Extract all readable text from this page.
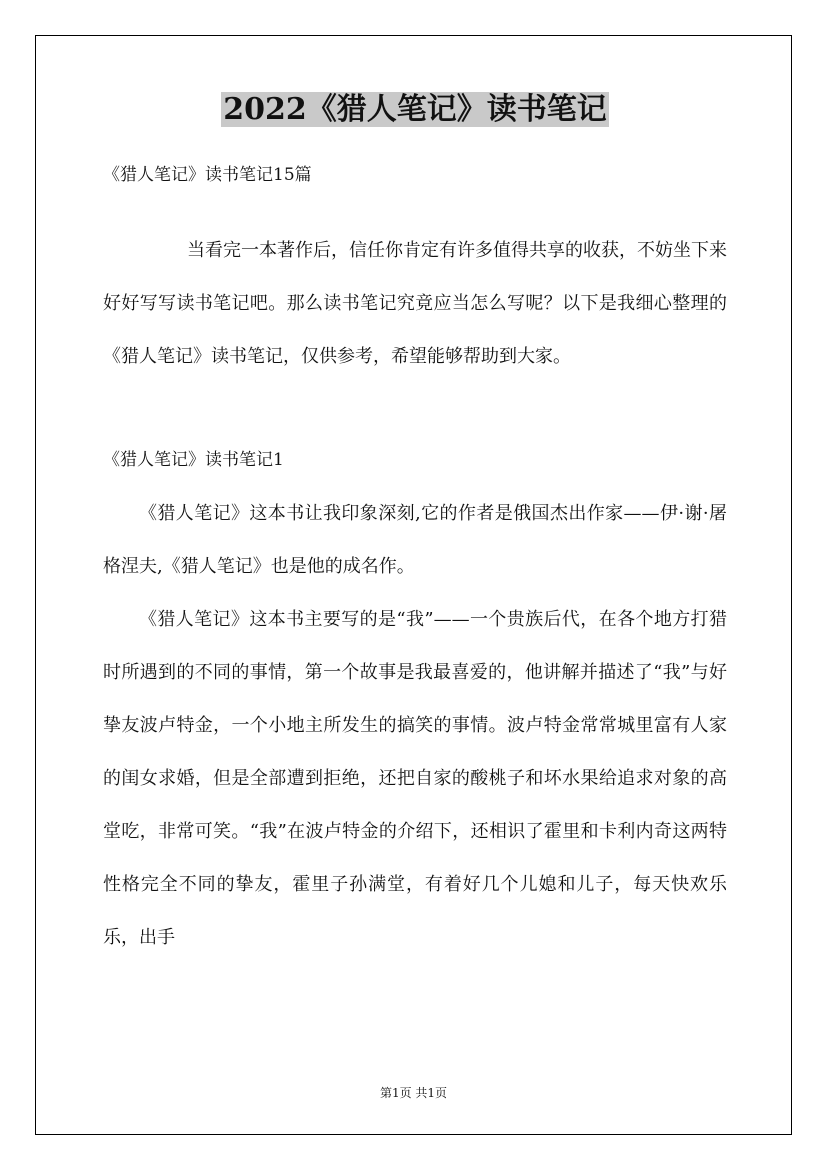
2022《猎人笔记》读书笔记

《猎人笔记》读书笔记15篇

当看完一本著作后，信任你肯定有许多值得共享的收获，不妨坐下来好好写写读书笔记吧。那么读书笔记究竟应当怎么写呢？以下是我细心整理的《猎人笔记》读书笔记，仅供参考，希望能够帮助到大家。

《猎人笔记》读书笔记1

《猎人笔记》这本书让我印象深刻,它的作者是俄国杰出作家——伊·谢·屠格涅夫,《猎人笔记》也是他的成名作。

《猎人笔记》这本书主要写的是“我”——一个贵族后代，在各个地方打猎时所遇到的不同的事情，第一个故事是我最喜爱的，他讲解并描述了“我”与好挚友波卢特金，一个小地主所发生的搞笑的事情。波卢特金常常城里富有人家的闺女求婚，但是全部遭到拒绝，还把自家的酸桃子和坏水果给追求对象的高堂吃，非常可笑。“我”在波卢特金的介绍下，还相识了霍里和卡利内奇这两特性格完全不同的挚友，霍里子孙满堂，有着好几个儿媳和儿子，每天快欢乐乐，出手

第1页 共1页
